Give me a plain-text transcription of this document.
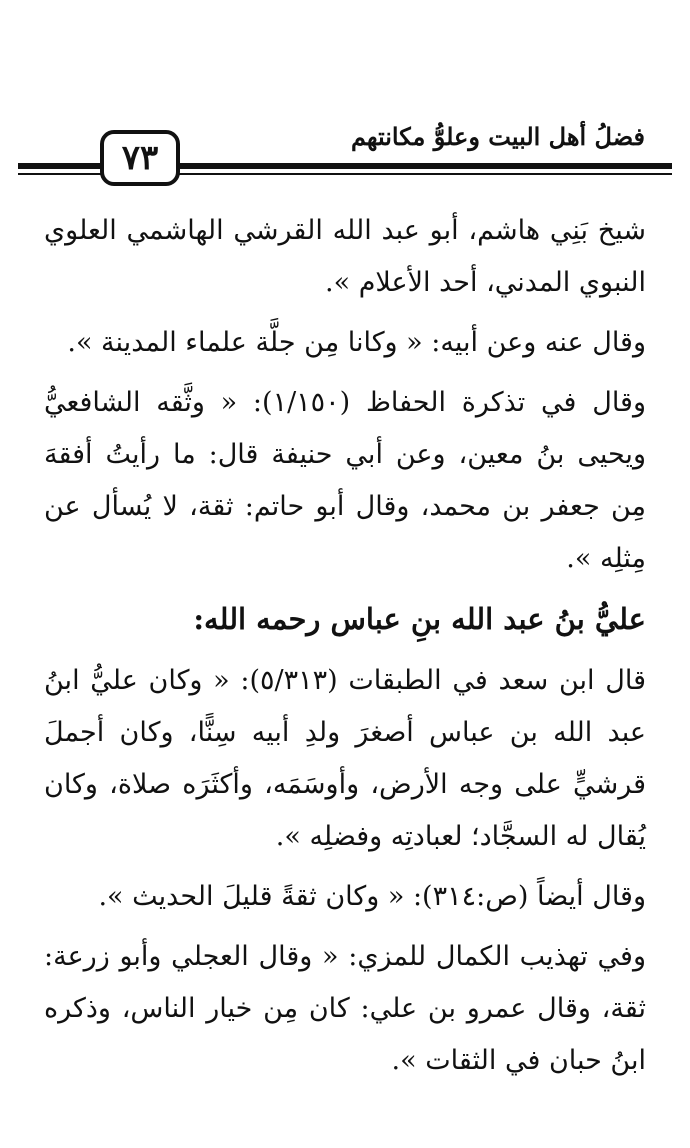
فضلُ أهل البيت وعلوُّ مكانتهم
٧٣

شيخ بَنِي هاشم، أبو عبد الله القرشي الهاشمي العلوي النبوي المدني، أحد الأعلام ».

وقال عنه وعن أبيه: « وكانا مِن جلَّة علماء المدينة ».

وقال في تذكرة الحفاظ (١/١٥٠): « وثَّقه الشافعيُّ ويحيى بنُ معين، وعن أبي حنيفة قال: ما رأيتُ أفقهَ مِن جعفر بن محمد، وقال أبو حاتم: ثقة، لا يُسأل عن مِثلِه ».

عليُّ بنُ عبد الله بنِ عباس رحمه الله:

قال ابن سعد في الطبقات (٥/٣١٣): « وكان عليُّ ابنُ عبد الله بن عباس أصغرَ ولدِ أبيه سِنًّا، وكان أجملَ قرشيٍّ على وجه الأرض، وأوسَمَه، وأكثَرَه صلاة، وكان يُقال له السجَّاد؛ لعبادتِه وفضلِه ».

وقال أيضاً (ص:٣١٤): « وكان ثقةً قليلَ الحديث ».

وفي تهذيب الكمال للمزي: « وقال العجلي وأبو زرعة: ثقة، وقال عمرو بن علي: كان مِن خيار الناس، وذكره ابنُ حبان في الثقات ».
